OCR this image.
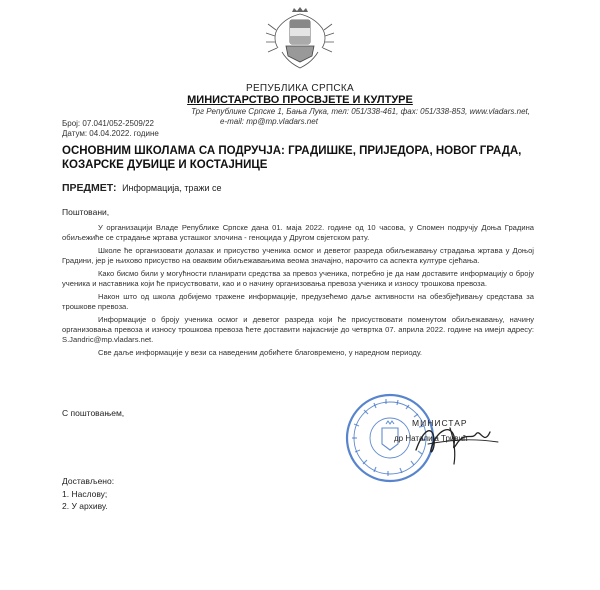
РЕПУБЛИКА СРПСКА
МИНИСТАРСТВО ПРОСВЈЕТЕ И КУЛТУРЕ
Трг Републике Српске 1, Бања Лука, тел: 051/338-461, фах: 051/338-853, www.vladars.net,
e-mail: mp@mp.vladars.net
Број: 07.041/052-2509/22
Датум: 04.04.2022. године
ОСНОВНИМ ШКОЛАМА СА ПОДРУЧЈА: ГРАДИШКЕ, ПРИЈЕДОРА, НОВОГ ГРАДА, КОЗАРСКЕ ДУБИЦЕ И КОСТАЈНИЦЕ
ПРЕДМЕТ: Информација, тражи се
Поштовани,

У организацији Владе Републике Српске дана 01. маја 2022. године од 10 часова, у Спомен подручју Доња Градина обиљежиће се страдање жртава усташког злочина - геноцида у Другом свјетском рату.

Школе ће организовати долазак и присуство ученика осмог и деветог разреда обиљежавању страдања жртава у Доњој Градини, јер је њихово присуство на оваквим обиљежавањима веома значајно, нарочито са аспекта културе сјећања.

Како бисмо били у могућности планирати средства за превоз ученика, потребно је да нам доставите информацију о броју ученика и наставника који ће присуствовати, као и о начину организовања превоза ученика и износу трошкова превоза.

Након што од школа добијемо тражене информације, предузећемо даље активности на обезбјеђивању средстава за трошкове превоза.

Информације о броју ученика осмог и деветог разреда који ће присуствовати поменутом обиљежавању, начину организовања превоза и износу трошкова превоза ћете доставити најкасније до четвртка 07. априла 2022. године на имејл адресу: S.Jandric@mp.vladars.net.

Све даље информације у вези са наведеним добићете благовремено, у наредном периоду.

С поштовањем,
МИНИСТАР
др Наталија Тривић
Достављено:
1. Наслову;
2. У архиву.
